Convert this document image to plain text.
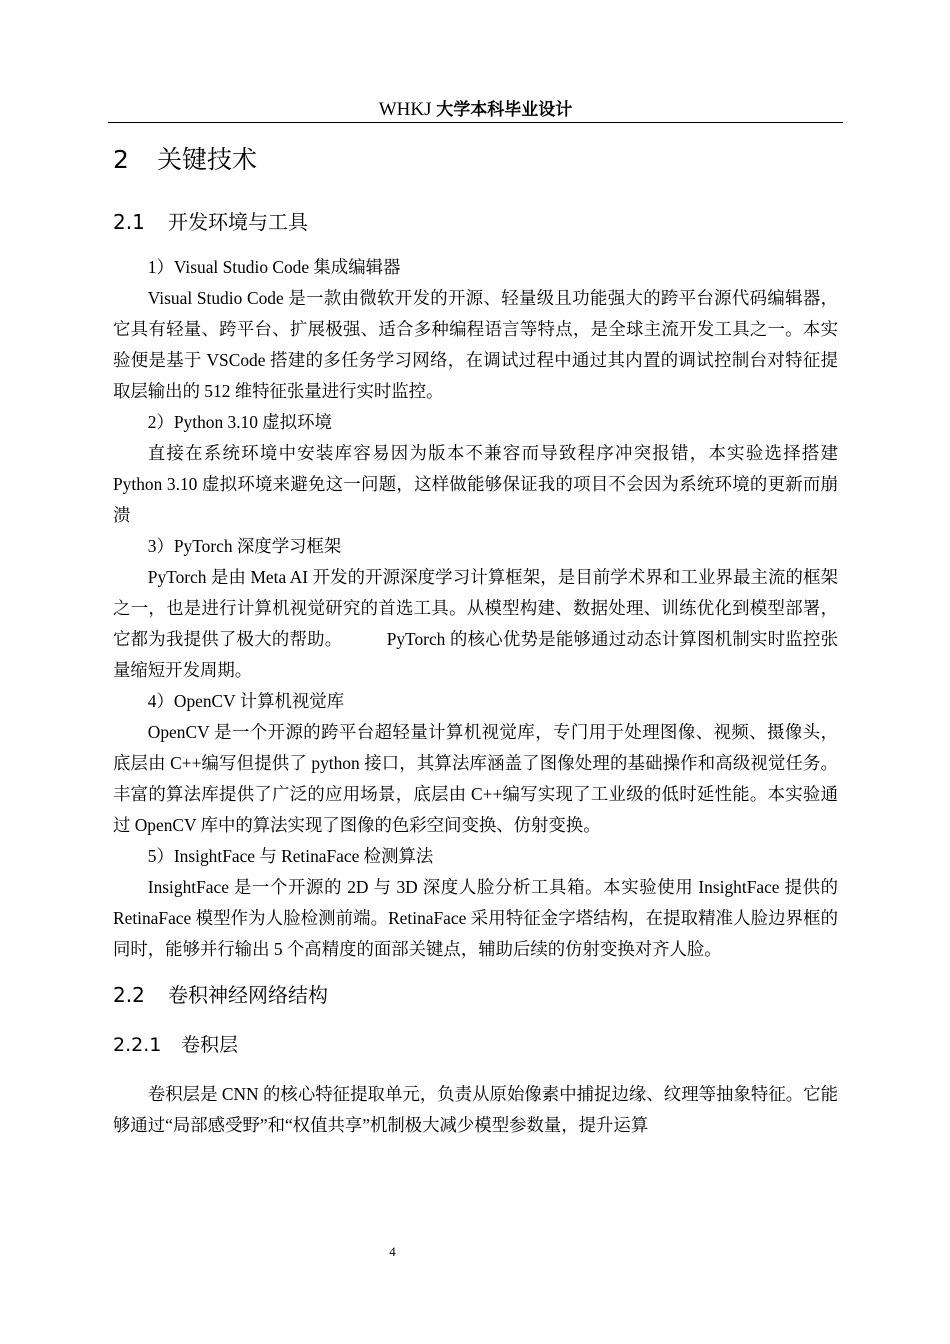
WHKJ 大学本科毕业设计
2 关键技术
2.1 开发环境与工具

1）Visual Studio Code 集成编辑器

Visual Studio Code 是一款由微软开发的开源、轻量级且功能强大的跨平台源代码编辑器，它具有轻量、跨平台、扩展极强、适合多种编程语言等特点，是全球主流开发工具之一。本实验便是基于 VSCode 搭建的多任务学习网络，在调试过程中通过其内置的调试控制台对特征提取层输出的 512 维特征张量进行实时监控。

2）Python 3.10 虚拟环境

直接在系统环境中安装库容易因为版本不兼容而导致程序冲突报错，本实验选择搭建 Python 3.10 虚拟环境来避免这一问题，这样做能够保证我的项目不会因为系统环境的更新而崩溃

3）PyTorch 深度学习框架

PyTorch 是由 Meta AI 开发的开源深度学习计算框架，是目前学术界和工业界最主流的框架之一，也是进行计算机视觉研究的首选工具。从模型构建、数据处理、训练优化到模型部署，它都为我提供了极大的帮助。　　　PyTorch 的核心优势是能够通过动态计算图机制实时监控张量缩短开发周期。

4）OpenCV 计算机视觉库

OpenCV 是一个开源的跨平台超轻量计算机视觉库，专门用于处理图像、视频、摄像头，底层由 C++编写但提供了 python 接口，其算法库涵盖了图像处理的基础操作和高级视觉任务。丰富的算法库提供了广泛的应用场景，底层由 C++编写实现了工业级的低时延性能。本实验通过 OpenCV 库中的算法实现了图像的色彩空间变换、仿射变换。

5）InsightFace 与 RetinaFace 检测算法

InsightFace 是一个开源的 2D 与 3D 深度人脸分析工具箱。本实验使用 InsightFace 提供的 RetinaFace 模型作为人脸检测前端。RetinaFace 采用特征金字塔结构，在提取精准人脸边界框的同时，能够并行输出 5 个高精度的面部关键点，辅助后续的仿射变换对齐人脸。

2.2 卷积神经网络结构
2.2.1 卷积层

卷积层是 CNN 的核心特征提取单元，负责从原始像素中捕捉边缘、纹理等抽象特征。它能够通过“局部感受野”和“权值共享”机制极大减少模型参数量，提升运算

4
